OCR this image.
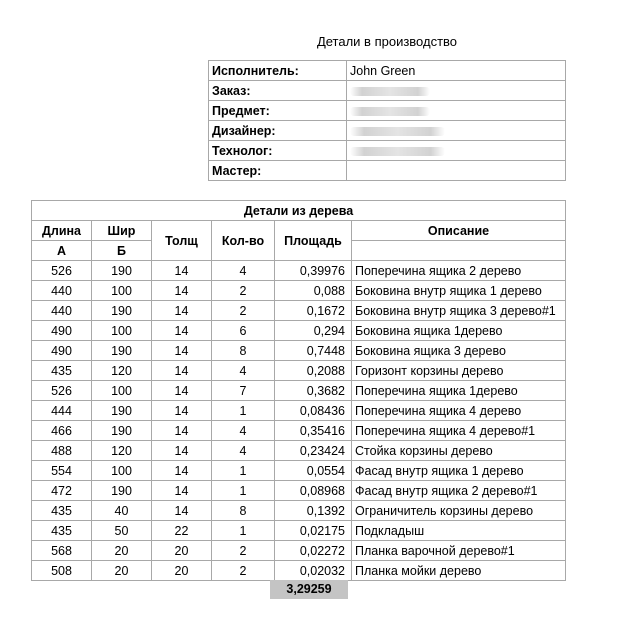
Детали в производство
Исполнитель:	John Green
Заказ:	
Предмет:	
Дизайнер:	
Технолог:	
Мастер:	
Детали из дерева					
Длина	Шир	Толщ	Кол-во	Площадь	Описание
А	Б				
526	190	14	4	0,39976	Поперечина ящика 2 дерево
440	100	14	2	0,088	Боковина внутр ящика 1 дерево
440	190	14	2	0,1672	Боковина внутр ящика 3 дерево#1
490	100	14	6	0,294	Боковина ящика 1дерево
490	190	14	8	0,7448	Боковина ящика 3 дерево
435	120	14	4	0,2088	Горизонт корзины дерево
526	100	14	7	0,3682	Поперечина ящика 1дерево
444	190	14	1	0,08436	Поперечина ящика 4 дерево
466	190	14	4	0,35416	Поперечина ящика 4 дерево#1
488	120	14	4	0,23424	Стойка корзины дерево
554	100	14	1	0,0554	Фасад внутр ящика 1 дерево
472	190	14	1	0,08968	Фасад внутр ящика 2 дерево#1
435	40	14	8	0,1392	Ограничитель корзины дерево
435	50	22	1	0,02175	Подкладыш
568	20	20	2	0,02272	Планка варочной дерево#1
508	20	20	2	0,02032	Планка мойки дерево
3,29259
